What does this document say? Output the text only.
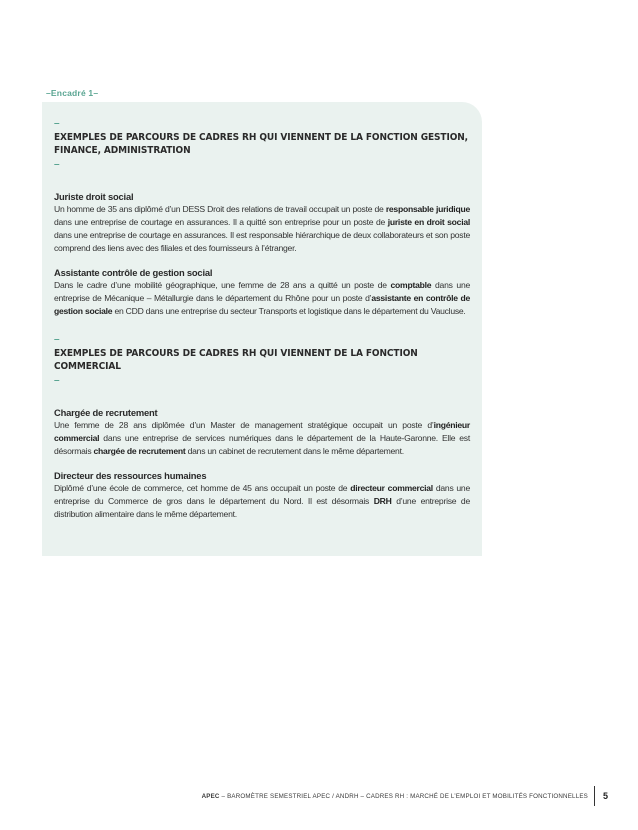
–Encadré 1–
–
EXEMPLES DE PARCOURS DE CADRES RH QUI VIENNENT DE LA FONCTION GESTION, FINANCE, ADMINISTRATION
–
Juriste droit social
Un homme de 35 ans diplômé d’un DESS Droit des relations de travail occupait un poste de responsable juridique dans une entreprise de courtage en assurances. Il a quitté son entreprise pour un poste de juriste en droit social dans une entreprise de courtage en assurances. Il est responsable hiérarchique de deux collaborateurs et son poste comprend des liens avec des filiales et des fournisseurs à l’étranger.
Assistante contrôle de gestion social
Dans le cadre d’une mobilité géographique, une femme de 28 ans a quitté un poste de comptable dans une entreprise de Mécanique – Métallurgie dans le département du Rhône pour un poste d’assistante en contrôle de gestion sociale en CDD dans une entreprise du secteur Transports et logistique dans le département du Vaucluse.
–
EXEMPLES DE PARCOURS DE CADRES RH QUI VIENNENT DE LA FONCTION COMMERCIAL
–
Chargée de recrutement
Une femme de 28 ans diplômée d’un Master de management stratégique occupait un poste d’ingénieur commercial dans une entreprise de services numériques dans le département de la Haute-Garonne. Elle est désormais chargée de recrutement dans un cabinet de recrutement dans le même département.
Directeur des ressources humaines
Diplômé d’une école de commerce, cet homme de 45 ans occupait un poste de directeur commercial dans une entreprise du Commerce de gros dans le département du Nord. Il est désormais DRH d’une entreprise de distribution alimentaire dans le même département.
APEC – BAROMÈTRE SEMESTRIEL APEC / ANDRH – CADRES RH : MARCHÉ DE L’EMPLOI ET MOBILITÉS FONCTIONNELLES 5
